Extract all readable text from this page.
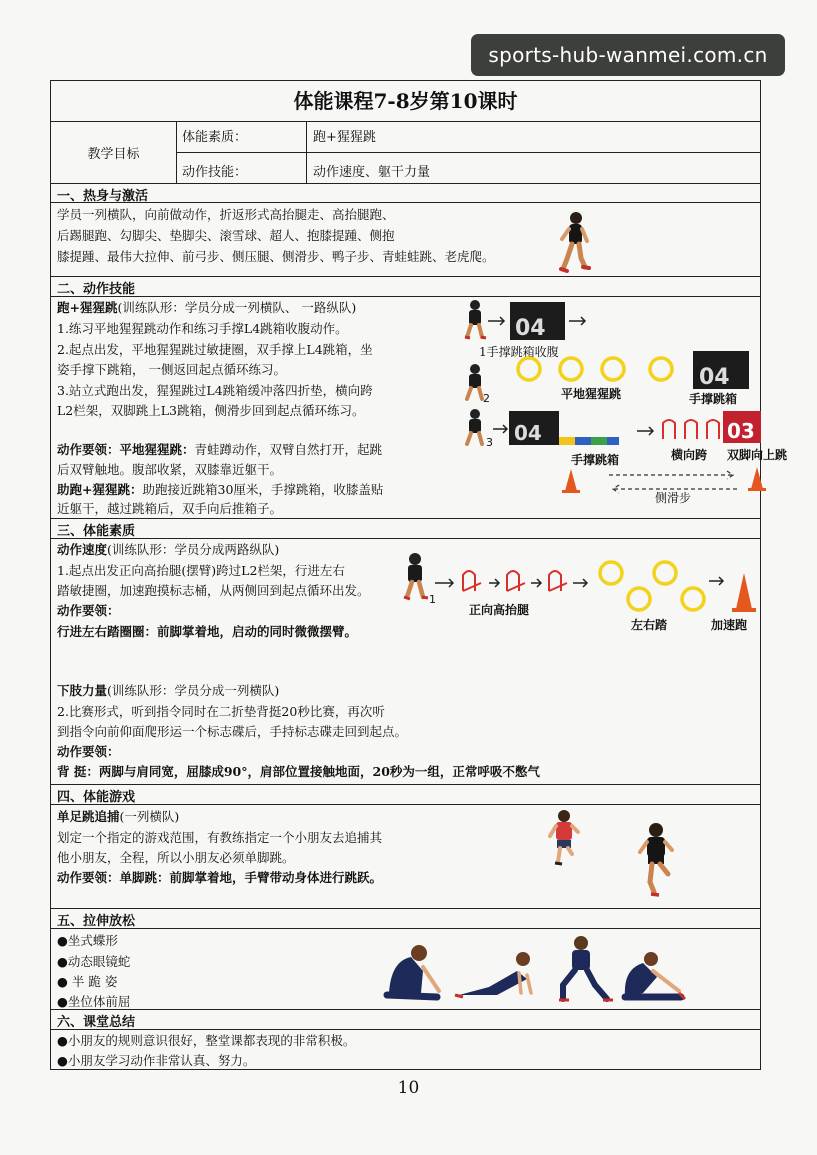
sports-hub-wanmei.com.cn
体能课程7-8岁第10课时
教学目标
体能素质：	跑+猩猩跳
动作技能：	动作速度、躯干力量
一、热身与激活
学员一列横队，向前做动作，折返形式高抬腿走、高抬腿跑、
后踢腿跑、勾脚尖、垫脚尖、滚雪球、超人、抱膝提踵、侧抱
膝提踵、最伟大拉伸、前弓步、侧压腿、侧滑步、鸭子步、青蛙蛙跳、老虎爬。
二、动作技能
跑+猩猩跳(训练队形：学员分成一列横队、 一路纵队)
1.练习平地猩猩跳动作和练习手撑L4跳箱收腹动作。
2.起点出发，平地猩猩跳过敏捷圈，双手撑上L4跳箱，坐
姿手撑下跳箱， 一侧返回起点循环练习。
3.站立式跑出发，猩猩跳过L4跳箱缓冲落四折垫，横向跨
L2栏架，双脚跳上L3跳箱，侧滑步回到起点循环练习。
动作要领：平地猩猩跳：青蛙蹲动作，双臂自然打开，起跳
后双臂触地。腹部收紧，双膝靠近躯干。
助跑+猩猩跳：助跑接近跳箱30厘米，手撑跳箱，收膝盖贴
近躯干，越过跳箱后，双手向后推箱子。
04
1手撑跳箱收腹
2
04
平地猩猩跳	手撑跳箱
3 04	03
手撑跳箱	横向跨 双脚向上跳
侧滑步
三、体能素质
动作速度(训练队形：学员分成两路纵队)
1.起点出发正向高抬腿(摆臂)跨过L2栏架，行进左右
踏敏捷圈，加速跑摸标志桶，从两侧回到起点循环出发。
动作要领：
行进左右踏圈圈：前脚掌着地，启动的同时微微摆臂。
1
正向高抬腿
左右踏	加速跑
下肢力量(训练队形：学员分成一列横队)
2.比赛形式，听到指令同时在二折垫背挺20秒比赛，再次听
到指令向前仰面爬形运一个标志碟后，手持标志碟走回到起点。
动作要领：
背 挺：两脚与肩同宽，屈膝成90°，肩部位置接触地面，20秒为一组，正常呼吸不憋气
四、体能游戏
单足跳追捕(一列横队)
划定一个指定的游戏范围，有教练指定一个小朋友去追捕其
他小朋友，全程，所以小朋友必须单脚跳。
动作要领：单脚跳：前脚掌着地，手臂带动身体进行跳跃。
五、拉伸放松
●坐式蝶形
●动态眼镜蛇
● 半 跪 姿
●坐位体前屈
六、课堂总结
●小朋友的规则意识很好，整堂课都表现的非常积极。
●小朋友学习动作非常认真、努力。
10
